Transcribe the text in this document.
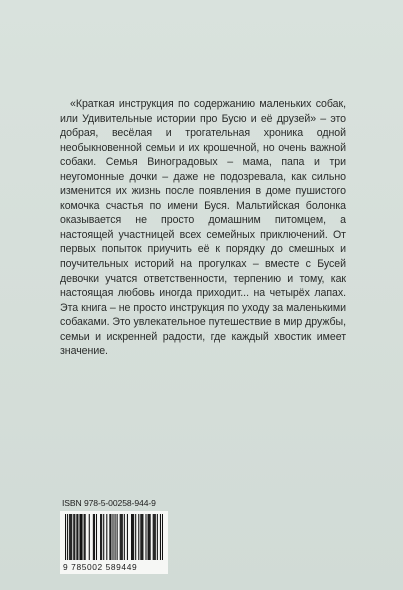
«Краткая инструкция по содержанию маленьких собак, или Удивительные истории про Бусю и её друзей» – это добрая, весёлая и трогательная хроника одной необыкновенной семьи и их крошечной, но очень важной собаки. Семья Виноградовых – мама, папа и три неугомонные дочки – даже не подозревала, как сильно изменится их жизнь после появления в доме пушистого комочка счастья по имени Буся. Мальтийская болонка оказывается не просто домашним питомцем, а настоящей участницей всех семейных приключений. От первых попыток приучить её к порядку до смешных и поучительных историй на прогулках – вместе с Бусей девочки учатся ответственности, терпению и тому, как настоящая любовь иногда приходит... на четырёх лапах. Эта книга – не просто инструкция по уходу за маленькими собаками. Это увлекательное путешествие в мир дружбы, семьи и искренней радости, где каждый хвостик имеет значение.

ISBN 978-5-00258-944-9
9 785002 589449
